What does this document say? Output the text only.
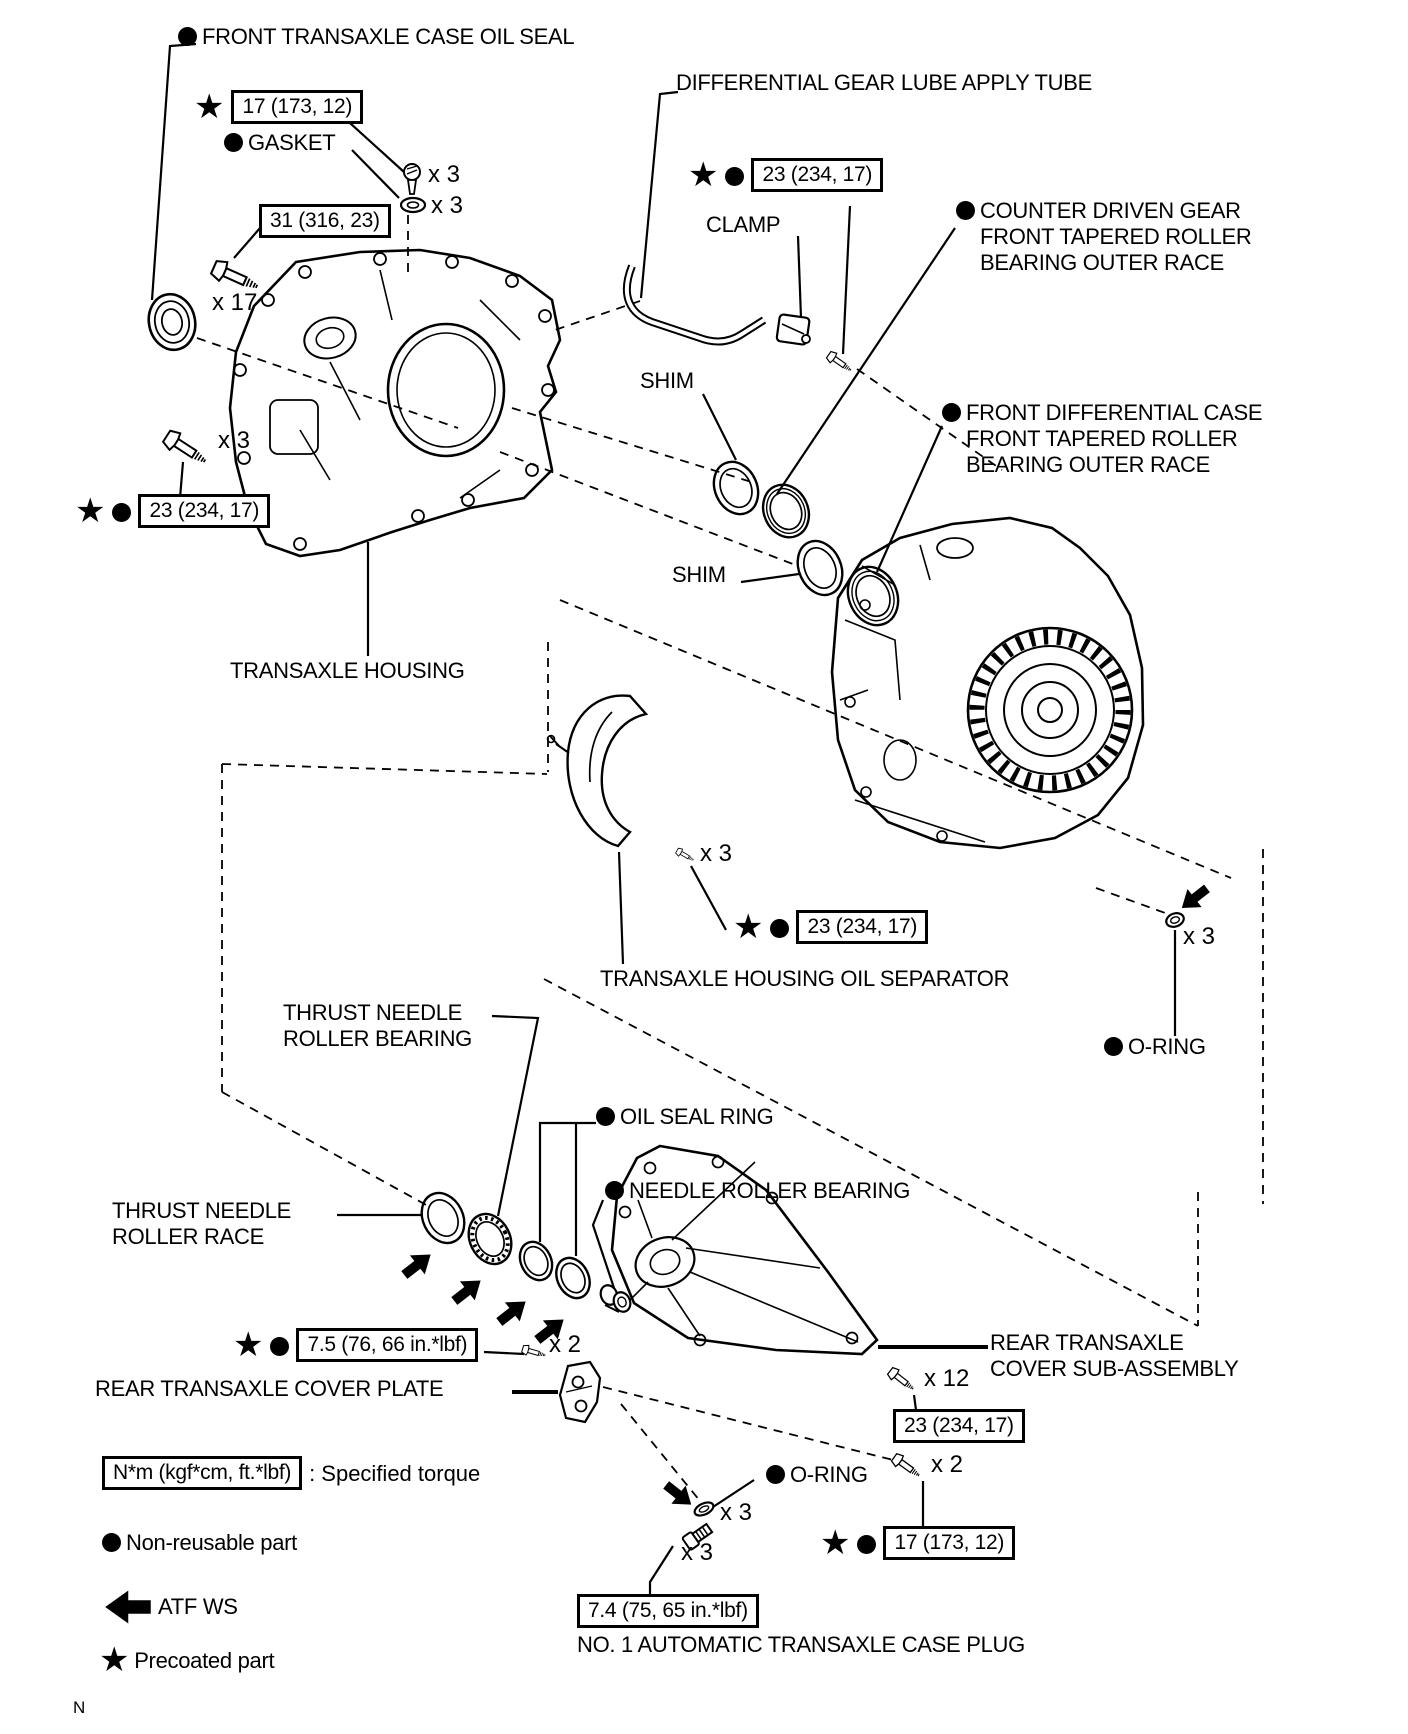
FRONT TRANSAXLE CASE OIL SEAL
★ 17 (173, 12)
GASKET
x 3
x 3
31 (316, 23)
x 17
DIFFERENTIAL GEAR LUBE APPLY TUBE
★	23 (234, 17)
CLAMP
COUNTER DRIVEN GEAR
FRONT TAPERED ROLLER
BEARING OUTER RACE
SHIM
FRONT DIFFERENTIAL CASE
FRONT TAPERED ROLLER
BEARING OUTER RACE
x 3
★	23 (234, 17)
SHIM
TRANSAXLE HOUSING
x 3
★	23 (234, 17)
TRANSAXLE HOUSING OIL SEPARATOR
x 3
O-RING
THRUST NEEDLE
ROLLER BEARING
OIL SEAL RING
NEEDLE ROLLER BEARING
THRUST NEEDLE
ROLLER RACE
★	7.5 (76, 66 in.*lbf)	x 2
REAR TRANSAXLE COVER PLATE
REAR TRANSAXLE
COVER SUB-ASSEMBLY
x 12
23 (234, 17)
O-RING	x 2
x 3
x 3	★	17 (173, 12)
7.4 (75, 65 in.*lbf)
NO. 1 AUTOMATIC TRANSAXLE CASE PLUG
N*m (kgf*cm, ft.*lbf) : Specified torque
Non-reusable part
ATF WS
★ Precoated part
N
